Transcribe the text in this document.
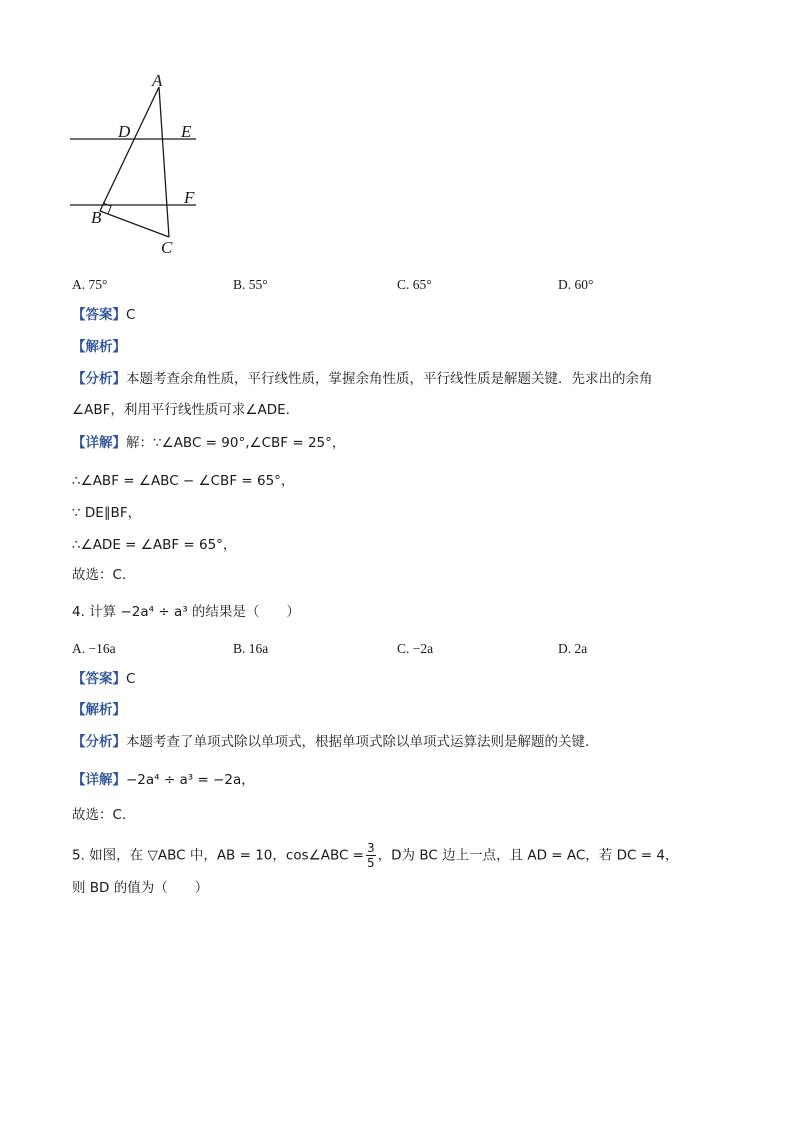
A
D	E
F
B
C
A. 75°	B. 55°	C. 65°	D. 60°
【答案】C
【解析】
【分析】本题考查余角性质，平行线性质，掌握余角性质，平行线性质是解题关键．先求出的余角
∠ABF，利用平行线性质可求∠ADE．
【详解】解：∵∠ABC = 90°,∠CBF = 25°，
∴∠ABF = ∠ABC − ∠CBF = 65°，
∵ DE∥BF，
∴∠ADE = ∠ABF = 65°，
故选：C．
4. 计算 −2a⁴ ÷ a³ 的结果是（　　）
A. −16a	B. 16a	C. −2a	D. 2a
【答案】C
【解析】
【分析】本题考查了单项式除以单项式，根据单项式除以单项式运算法则是解题的关键．
【详解】−2a⁴ ÷ a³ = −2a，
故选：C．
5. 如图，在 ▽ABC 中，AB = 10，cos∠ABC = $\frac{3}{5}$ ，D为 BC 边上一点，且 AD = AC，若 DC = 4，
则 BD 的值为（　　）
